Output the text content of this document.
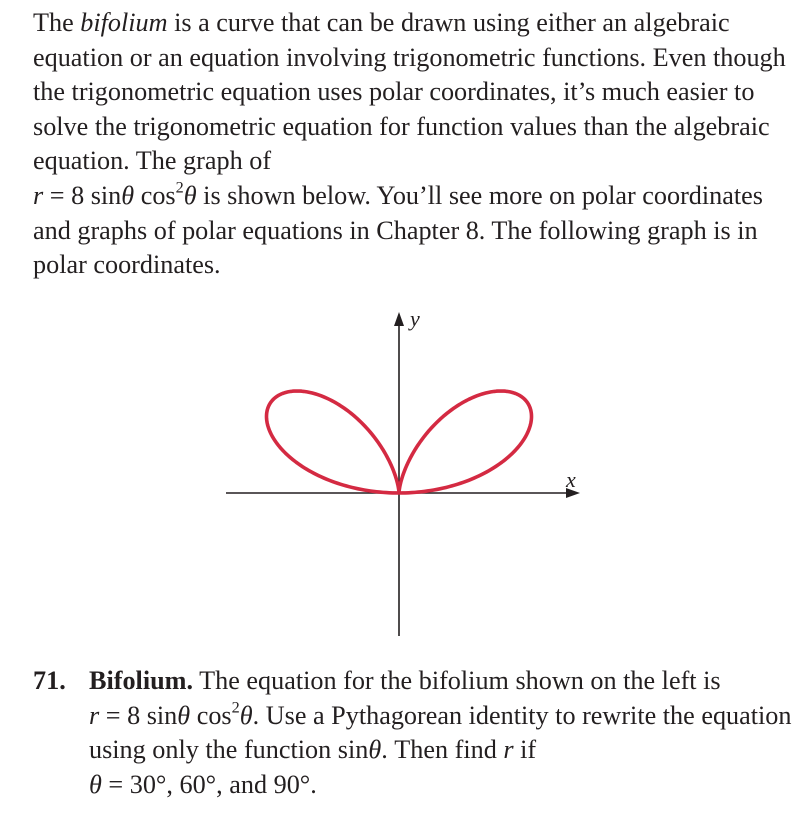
The bifolium is a curve that can be drawn using either an algebraic equation or an equation involving trigonometric functions. Even though the trigonometric equation uses polar coordinates, it’s much easier to solve the trigonometric equation for function values than the algebraic equation. The graph of
r = 8 sinθ $\cos^2\theta$ is shown below. You’ll see more on polar coordinates and graphs of polar equations in Chapter 8. The following graph is in polar coordinates.

x
y
71. Bifolium. The equation for the bifolium shown on the left is
r = 8 sinθ $\cos^2\theta$. Use a Pythagorean identity to rewrite the equation using only the function sinθ. Then find r if
θ = 30°, 60°, and 90°.
